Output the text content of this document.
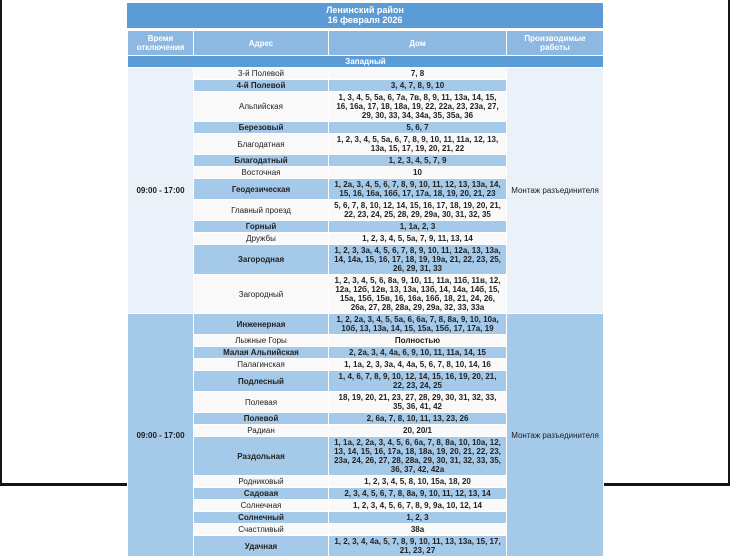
Ленинский район
16 февраля 2026
Время отключения	Адрес	Дом	Производимые работы
Западный			
09:00 - 17:00	3-й Полевой	7, 8	Монтаж разъединителя
	4-й Полевой	3, 4, 7, 8, 9, 10	
	Альпийская	1, 3, 4, 5, 5а, 6, 7а, 7в, 8, 9, 11, 13а, 14, 15, 16, 16а, 17, 18, 18а, 19, 22, 22а, 23, 23а, 27, 29, 30, 33, 34, 34а, 35, 35а, 36	
	Березовый	5, 6, 7	
	Благодатная	1, 2, 3, 4, 5, 5а, 6, 7, 8, 9, 10, 11, 11а, 12, 13, 13а, 15, 17, 19, 20, 21, 22	
	Благодатный	1, 2, 3, 4, 5, 7, 9	
	Восточная	10	
	Геодезическая	1, 2а, 3, 4, 5, 6, 7, 8, 9, 10, 11, 12, 13, 13а, 14, 15, 16, 16а, 16б, 17, 17а, 18, 19, 20, 21, 23	
	Главный проезд	5, 6, 7, 8, 10, 12, 14, 15, 16, 17, 18, 19, 20, 21, 22, 23, 24, 25, 28, 29, 29а, 30, 31, 32, 35	
	Горный	1, 1а, 2, 3	
	Дружбы	1, 2, 3, 4, 5, 5а, 7, 9, 11, 13, 14	
	Загородная	1, 2, 3, 3а, 4, 5, 6, 7, 8, 9, 10, 11, 12а, 13, 13а, 14, 14а, 15, 16, 17, 18, 19, 19а, 21, 22, 23, 25, 26, 29, 31, 33	
	Загородный	1, 2, 3, 4, 5, 6, 8а, 9, 10, 11, 11а, 11б, 11в, 12, 12а, 12б, 12в, 13, 13а, 13б, 14, 14а, 14б, 15, 15а, 15б, 15в, 16, 16а, 16б, 18, 21, 24, 26, 26а, 27, 28, 28а, 29, 29а, 32, 33, 33а	
09:00 - 17:00	Инженерная	1, 2, 2а, 3, 4, 5, 5а, 6, 6а, 7, 8, 8а, 9, 10, 10а, 10б, 13, 13а, 14, 15, 15а, 15б, 17, 17а, 19	Монтаж разъединителя
	Лыжные Горы	Полностью	
	Малая Альпийская	2, 2а, 3, 4, 4а, 6, 9, 10, 11, 11а, 14, 15	
	Палагинская	1, 1а, 2, 3, 3а, 4, 4а, 5, 6, 7, 8, 10, 14, 16	
	Подлесный	1, 4, 6, 7, 8, 9, 10, 12, 14, 15, 16, 19, 20, 21, 22, 23, 24, 25	
	Полевая	18, 19, 20, 21, 23, 27, 28, 29, 30, 31, 32, 33, 35, 36, 41, 42	
	Полевой	2, 6а, 7, 8, 10, 11, 13, 23, 26	
	Радиан	20, 20/1	
	Раздольная	1, 1а, 2, 2а, 3, 4, 5, 6, 6а, 7, 8, 8а, 10, 10а, 12, 13, 14, 15, 16, 17а, 18, 18а, 19, 20, 21, 22, 23, 23а, 24, 26, 27, 28, 28а, 29, 30, 31, 32, 33, 35, 36, 37, 42, 42а	
	Родниковый	1, 2, 3, 4, 5, 8, 10, 15а, 18, 20	
	Садовая	2, 3, 4, 5, 6, 7, 8, 8а, 9, 10, 11, 12, 13, 14	
	Солнечная	1, 2, 3, 4, 5, 6, 7, 8, 9, 9а, 10, 12, 14	
	Солнечный	1, 2, 3	
	Счастливый	38а	
	Удачная	1, 2, 3, 4, 4а, 5, 7, 8, 9, 10, 11, 13, 13а, 15, 17, 21, 23, 27	
